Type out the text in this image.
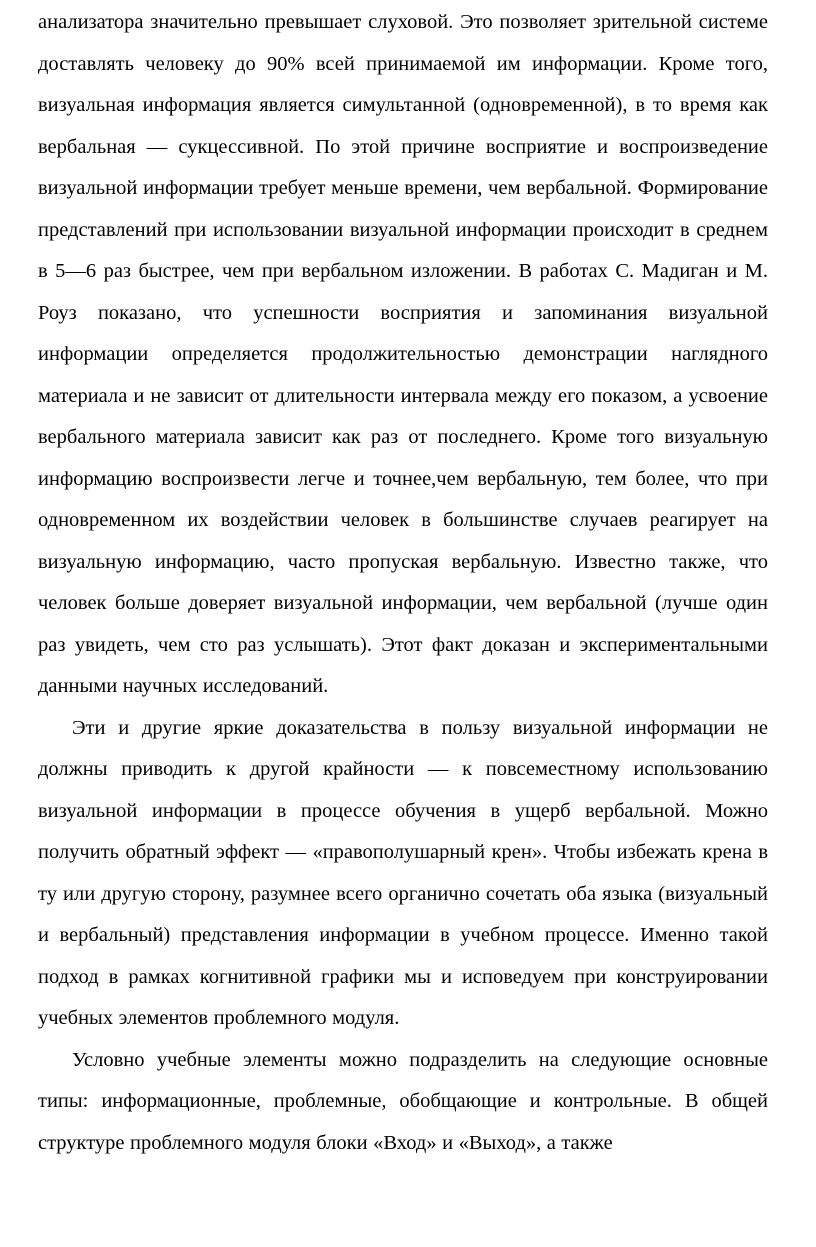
анализатора значительно превышает слуховой. Это позволяет зрительной системе доставлять человеку до 90% всей принимаемой им информации. Кроме того, визуальная информация является симультанной (одновременной), в то время как вербальная — сукцессивной. По этой причине восприятие и воспроизведение визуальной информации требует меньше времени, чем вербальной. Формирование представлений при использовании визуальной информации происходит в среднем в 5—6 раз быстрее, чем при вербальном изложении. В работах С. Мадиган и М. Роуз показано, что успешности восприятия и запоминания визуальной информации определяется продолжительностью демонстрации наглядного материала и не зависит от длительности интервала между его показом, а усвоение вербального материала зависит как раз от последнего. Кроме того визуальную информацию воспроизвести легче и точнее,чем вербальную, тем более, что при одновременном их воздействии человек в большинстве случаев реагирует на визуальную информацию, часто пропуская вербальную. Известно также, что человек больше доверяет визуальной информации, чем вербальной (лучше один раз увидеть, чем сто раз услышать). Этот факт доказан и экспериментальными данными научных исследований.

Эти и другие яркие доказательства в пользу визуальной информации не должны приводить к другой крайности — к повсеместному использованию визуальной информации в процессе обучения в ущерб вербальной. Можно получить обратный эффект — «правополушарный крен». Чтобы избежать крена в ту или другую сторону, разумнее всего органично сочетать оба языка (визуальный и вербальный) представления информации в учебном процессе. Именно такой подход в рамках когнитивной графики мы и исповедуем при конструировании учебных элементов проблемного модуля.

Условно учебные элементы можно подразделить на следующие основные типы: информационные, проблемные, обобщающие и контрольные. В общей структуре проблемного модуля блоки «Вход» и «Выход», а также
